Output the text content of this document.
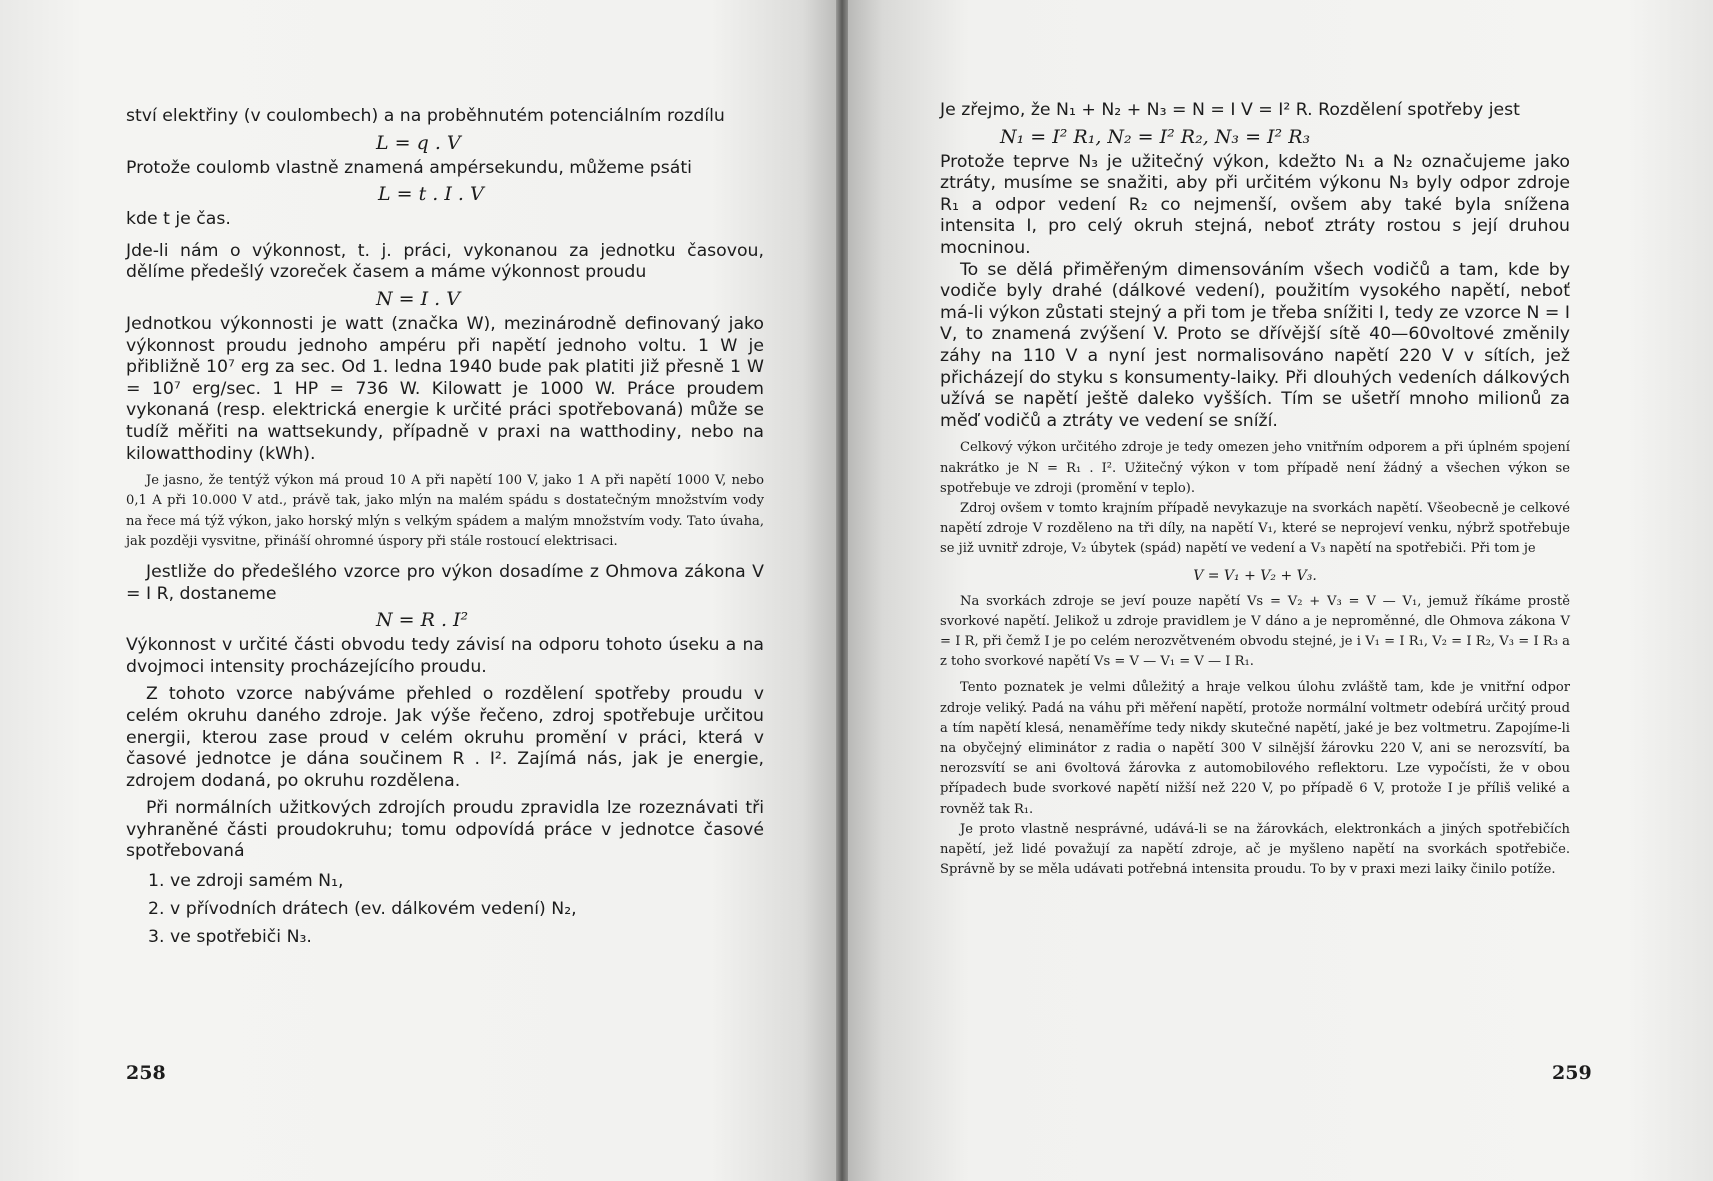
ství elektřiny (v coulombech) a na proběhnutém potenciálním rozdílu

L = q . V

Protože coulomb vlastně znamená ampérsekundu, můžeme psáti

L = t . I . V

kde t je čas.

Jde-li nám o výkonnost, t. j. práci, vykonanou za jednotku časovou, dělíme předešlý vzoreček časem a máme výkonnost proudu

N = I . V

Jednotkou výkonnosti je watt (značka W), mezinárodně definovaný jako výkonnost proudu jednoho ampéru při napětí jednoho voltu. 1 W je přibližně 10⁷ erg za sec. Od 1. ledna 1940 bude pak platiti již přesně 1 W = 10⁷ erg/sec. 1 HP = 736 W. Kilowatt je 1000 W. Práce proudem vykonaná (resp. elektrická energie k určité práci spotřebovaná) může se tudíž měřiti na wattsekundy, případně v praxi na watthodiny, nebo na kilowatthodiny (kWh).

Je jasno, že tentýž výkon má proud 10 A při napětí 100 V, jako 1 A při napětí 1000 V, nebo 0,1 A při 10.000 V atd., právě tak, jako mlýn na malém spádu s dostatečným množstvím vody na řece má týž výkon, jako horský mlýn s velkým spádem a malým množstvím vody. Tato úvaha, jak později vysvitne, přináší ohromné úspory při stále rostoucí elektrisaci.

Jestliže do předešlého vzorce pro výkon dosadíme z Ohmova zákona V = I R, dostaneme

N = R . I²

Výkonnost v určité části obvodu tedy závisí na odporu tohoto úseku a na dvojmoci intensity procházejícího proudu.

Z tohoto vzorce nabýváme přehled o rozdělení spotřeby proudu v celém okruhu daného zdroje. Jak výše řečeno, zdroj spotřebuje určitou energii, kterou zase proud v celém okruhu promění v práci, která v časové jednotce je dána součinem R . I². Zajímá nás, jak je energie, zdrojem dodaná, po okruhu rozdělena.

Při normálních užitkových zdrojích proudu zpravidla lze rozeznávati tři vyhraněné části proudokruhu; tomu odpovídá práce v jednotce časové spotřebovaná

1. ve zdroji samém N₁,
2. v přívodních drátech (ev. dálkovém vedení) N₂,
3. ve spotřebiči N₃.
258

Je zřejmo, že N₁ + N₂ + N₃ = N = I V = I² R. Rozdělení spotřeby jest

N₁ = I² R₁, N₂ = I² R₂, N₃ = I² R₃

Protože teprve N₃ je užitečný výkon, kdežto N₁ a N₂ označujeme jako ztráty, musíme se snažiti, aby při určitém výkonu N₃ byly odpor zdroje R₁ a odpor vedení R₂ co nejmenší, ovšem aby také byla snížena intensita I, pro celý okruh stejná, neboť ztráty rostou s její druhou mocninou.

To se dělá přiměřeným dimensováním všech vodičů a tam, kde by vodiče byly drahé (dálkové vedení), použitím vysokého napětí, neboť má-li výkon zůstati stejný a při tom je třeba snížiti I, tedy ze vzorce N = I V, to znamená zvýšení V. Proto se dřívější sítě 40—60voltové změnily záhy na 110 V a nyní jest normalisováno napětí 220 V v sítích, jež přicházejí do styku s konsumenty-laiky. Při dlouhých vedeních dálkových užívá se napětí ještě daleko vyšších. Tím se ušetří mnoho milionů za měď vodičů a ztráty ve vedení se sníží.

Celkový výkon určitého zdroje je tedy omezen jeho vnitřním odporem a při úplném spojení nakrátko je N = R₁ . I². Užitečný výkon v tom případě není žádný a všechen výkon se spotřebuje ve zdroji (promění v teplo).

Zdroj ovšem v tomto krajním případě nevykazuje na svorkách napětí. Všeobecně je celkové napětí zdroje V rozděleno na tři díly, na napětí V₁, které se neprojeví venku, nýbrž spotřebuje se již uvnitř zdroje, V₂ úbytek (spád) napětí ve vedení a V₃ napětí na spotřebiči. Při tom je

V = V₁ + V₂ + V₃.

Na svorkách zdroje se jeví pouze napětí Vs = V₂ + V₃ = V — V₁, jemuž říkáme prostě svorkové napětí. Jelikož u zdroje pravidlem je V dáno a je neproměnné, dle Ohmova zákona V = I R, při čemž I je po celém nerozvětveném obvodu stejné, je i V₁ = I R₁, V₂ = I R₂, V₃ = I R₃ a z toho svorkové napětí Vs = V — V₁ = V — I R₁.

Tento poznatek je velmi důležitý a hraje velkou úlohu zvláště tam, kde je vnitřní odpor zdroje veliký. Padá na váhu při měření napětí, protože normální voltmetr odebírá určitý proud a tím napětí klesá, nenaměříme tedy nikdy skutečné napětí, jaké je bez voltmetru. Zapojíme-li na obyčejný eliminátor z radia o napětí 300 V silnější žárovku 220 V, ani se nerozsvítí, ba nerozsvítí se ani 6voltová žárovka z automobilového reflektoru. Lze vypočísti, že v obou případech bude svorkové napětí nižší než 220 V, po případě 6 V, protože I je příliš veliké a rovněž tak R₁.

Je proto vlastně nesprávné, udává-li se na žárovkách, elektronkách a jiných spotřebičích napětí, jež lidé považují za napětí zdroje, ač je myšleno napětí na svorkách spotřebiče. Správně by se měla udávati potřebná intensita proudu. To by v praxi mezi laiky činilo potíže.

259
